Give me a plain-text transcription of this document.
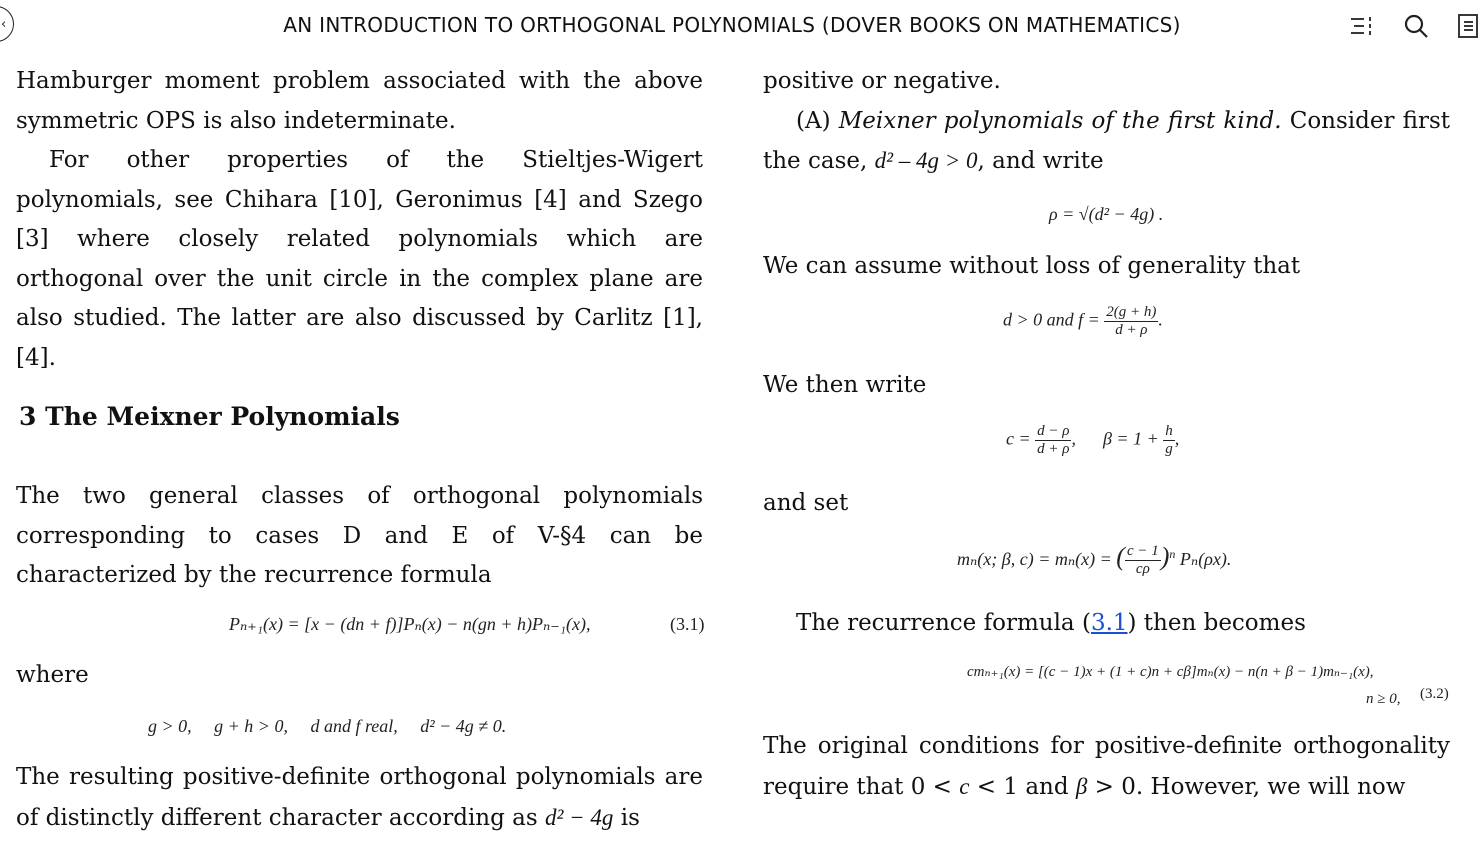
‹	AN INTRODUCTION TO ORTHOGONAL POLYNOMIALS (DOVER BOOKS ON MATHEMATICS)

Hamburger moment problem associated with the above symmetric OPS is also indeterminate.

For other properties of the Stieltjes-Wigert polynomials, see Chihara [10], Geronimus [4] and Szego [3] where closely related polynomials which are orthogonal over the unit circle in the complex plane are also studied. The latter are also discussed by Carlitz [1], [4].

3 The Meixner Polynomials

The two general classes of orthogonal polynomials corresponding to cases D and E of V-§4 can be characterized by the recurrence formula

Pₙ₊₁(x) = [x − (dn + f)]Pₙ(x) − n(gn + h)Pₙ₋₁(x),	(3.1)

where

g > 0,     g + h > 0,     d and f real,     d² − 4g ≠ 0.

The resulting positive-definite orthogonal polynomials are of distinctly different character according as d² − 4g is

positive or negative.

(A) Meixner polynomials of the first kind. Consider first the case, d² – 4g > 0, and write

ρ = √(d² − 4g) .

We can assume without loss of generality that

d > 0 and $f = \frac{2(g + h)}{d + \rho}$ .

We then write

$c = \frac{d - \rho}{d + \rho}$ ,      $\beta = 1 + \frac{h}{g}$ ,

and set

mₙ(x; β, c) = mₙ(x) = ( $\frac{c - 1}{c\rho} )^n$ Pₙ(ρx).

The recurrence formula (3.1) then becomes

cmₙ₊₁(x) = [(c − 1)x + (1 + c)n + cβ]mₙ(x) − n(n + β − 1)mₙ₋₁(x),
n ≥ 0, (3.2)

The original conditions for positive-definite orthogonality require that 0 < c < 1 and β > 0. However, we will now
